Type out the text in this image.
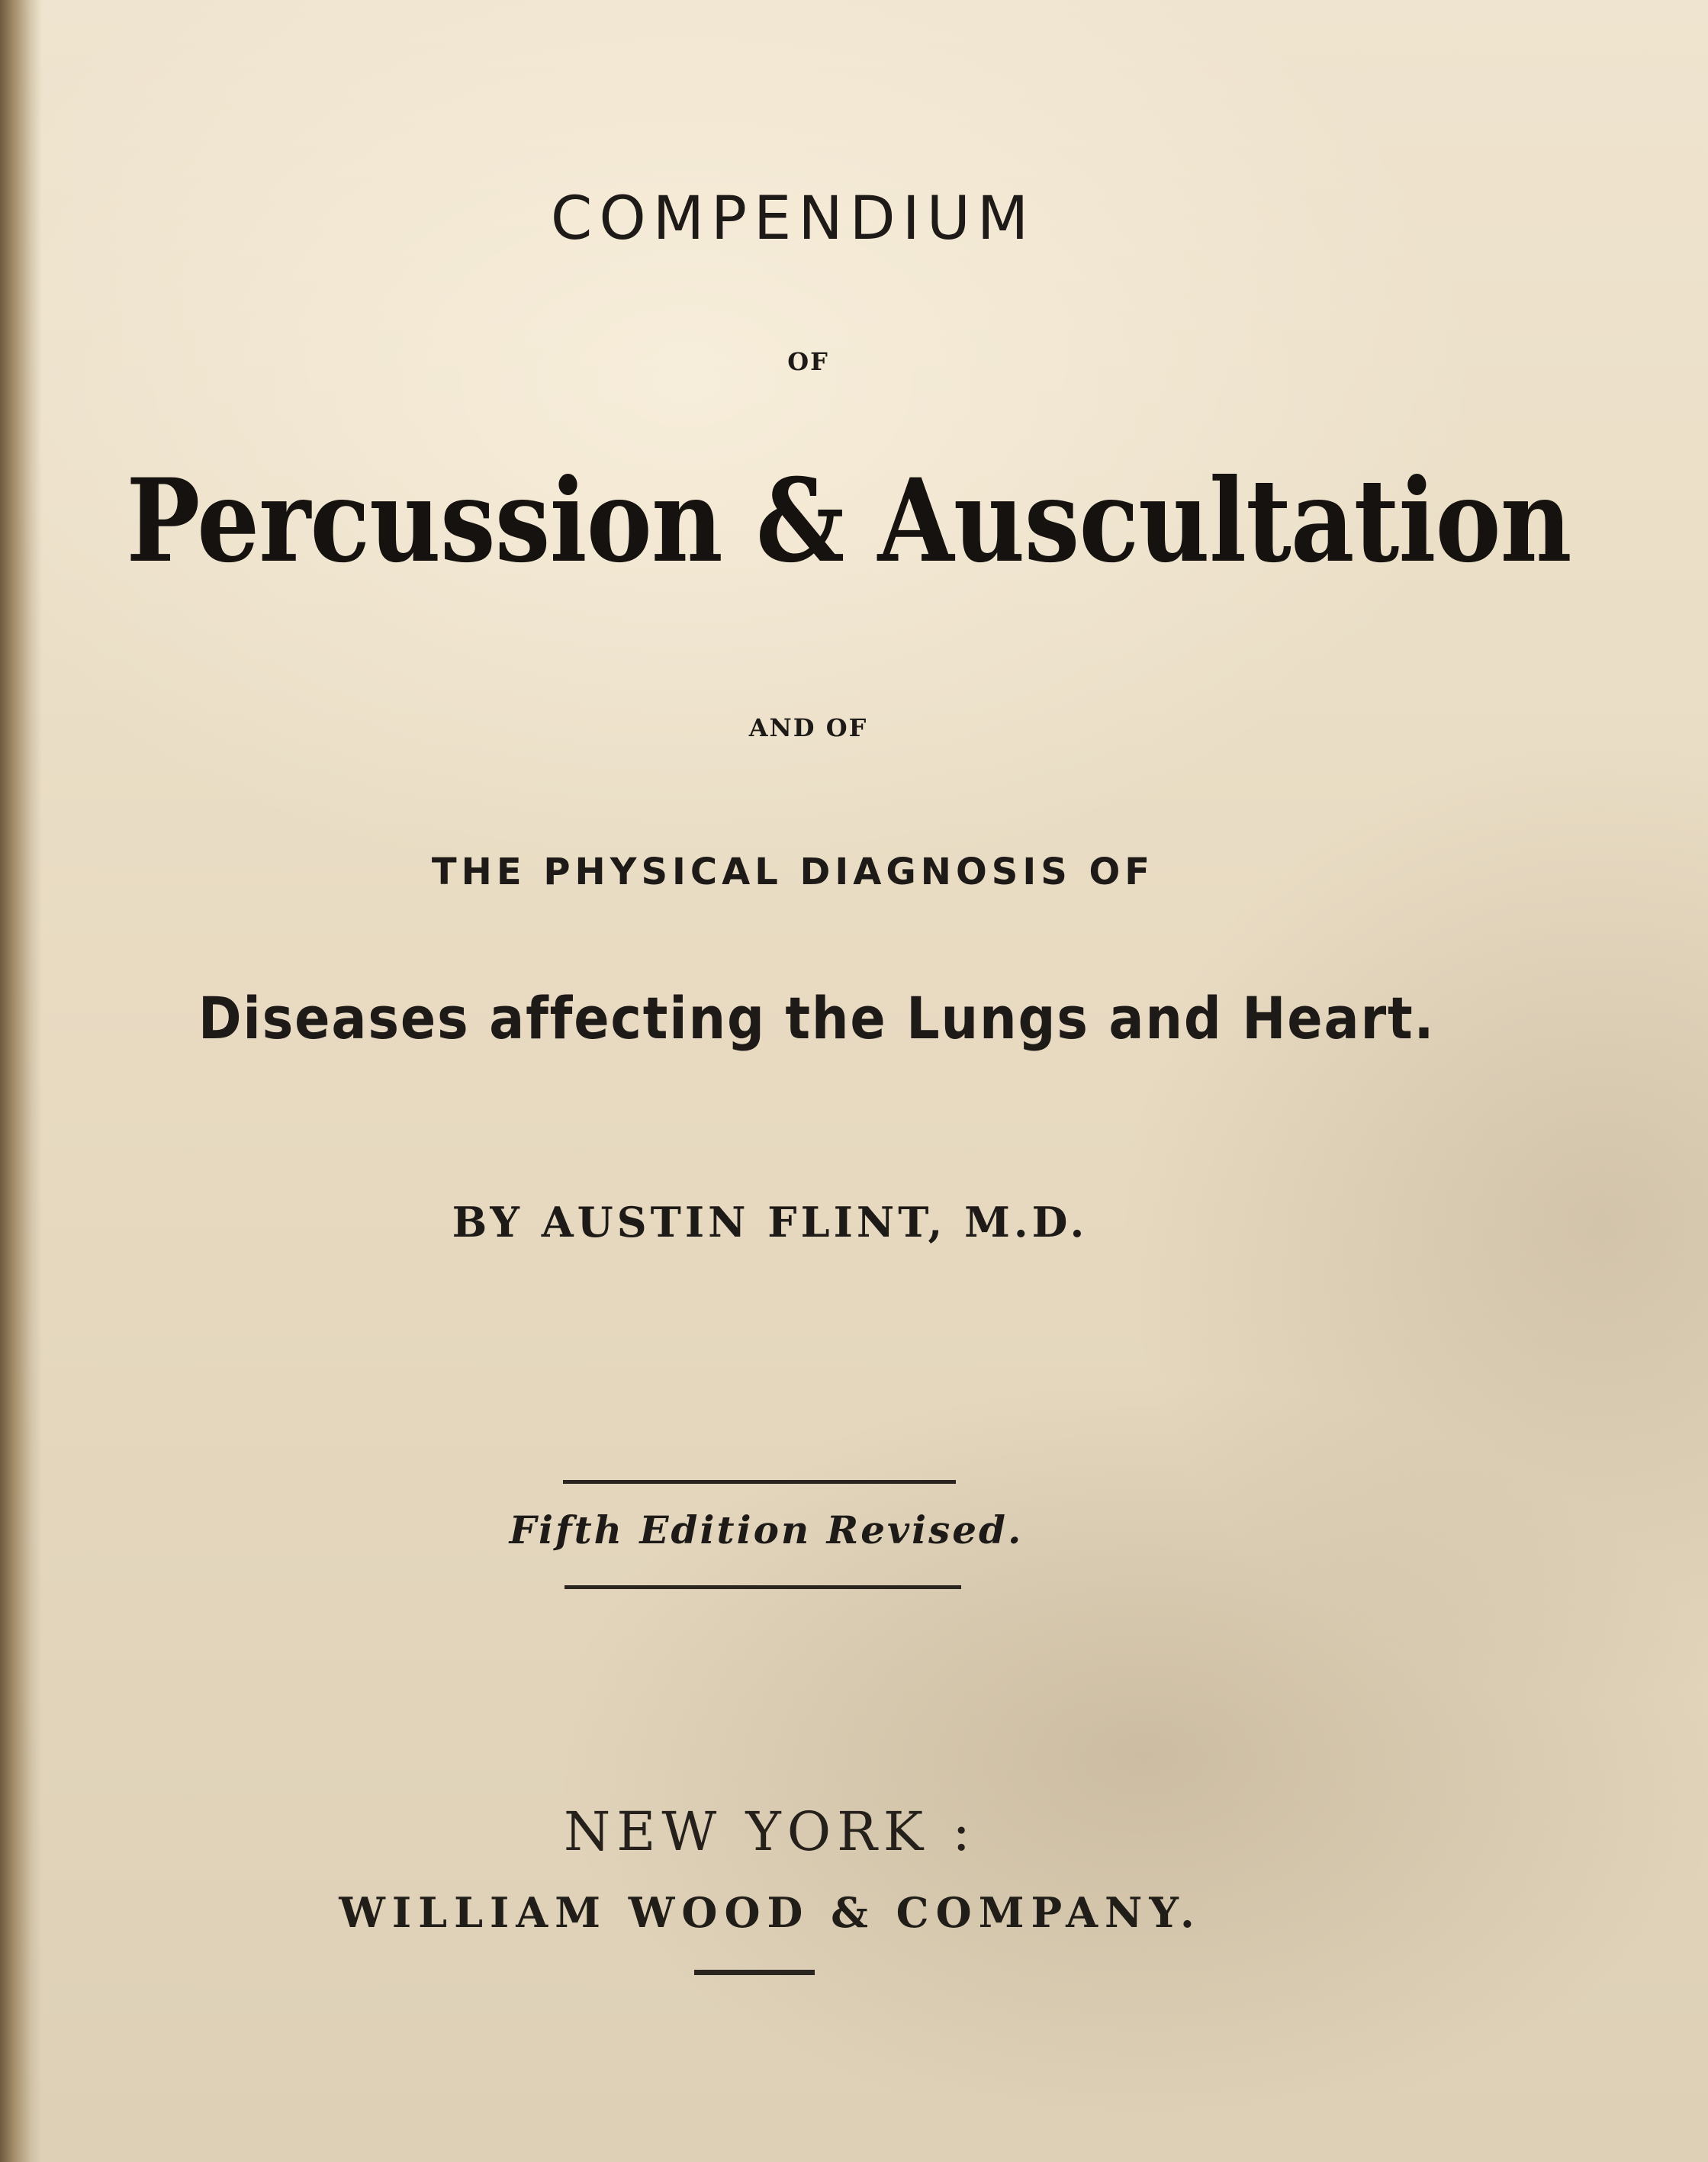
COMPENDIUM
OF
Percussion & Auscultation
AND OF
THE PHYSICAL DIAGNOSIS OF
Diseases affecting the Lungs and Heart.
BY AUSTIN FLINT, M.D.
Fifth Edition Revised.
NEW YORK :
WILLIAM WOOD & COMPANY.
